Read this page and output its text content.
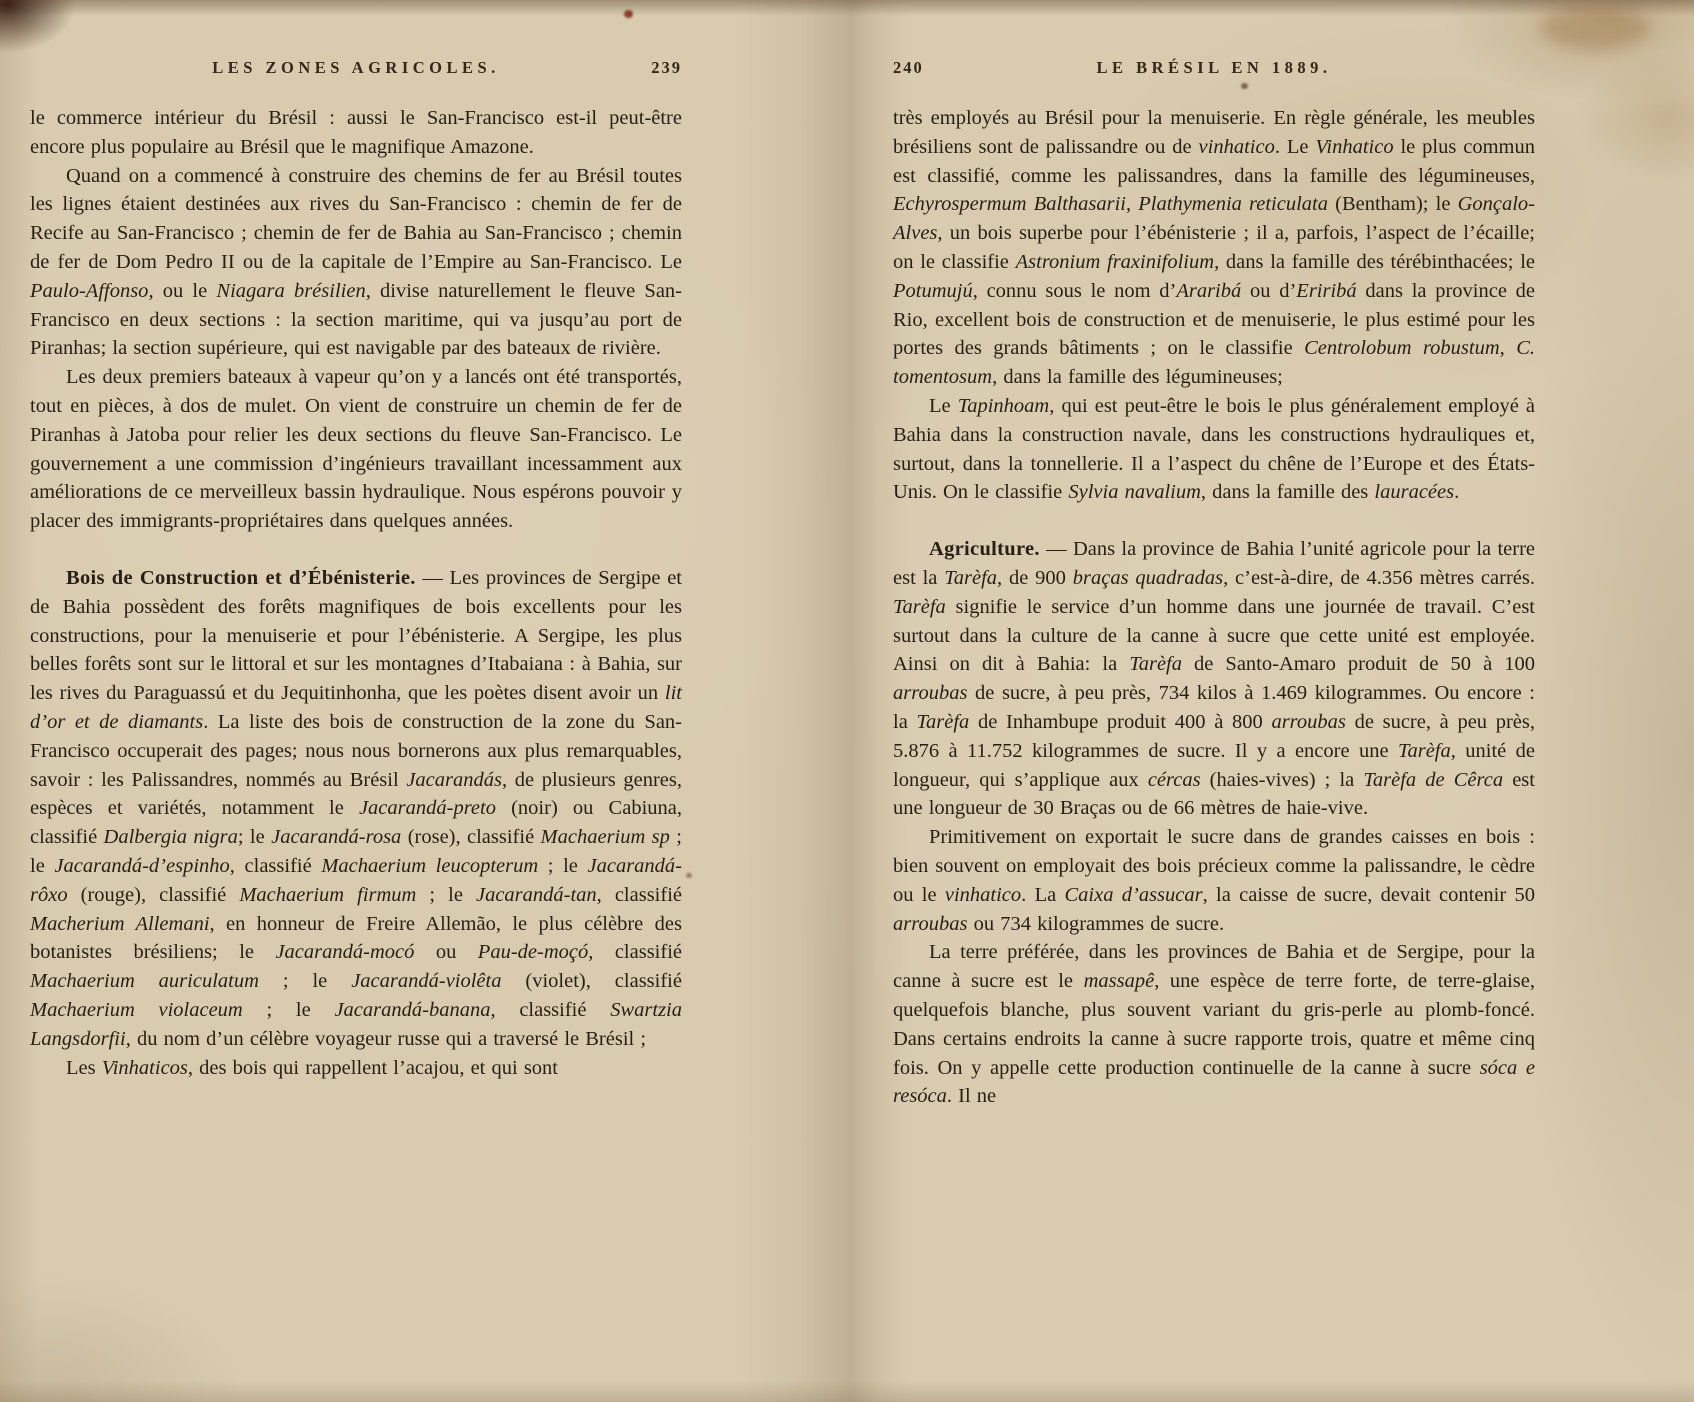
LES ZONES AGRICOLES.	239

le commerce intérieur du Brésil : aussi le San-Francisco est-il peut-être encore plus populaire au Brésil que le magnifique Amazone.

Quand on a commencé à construire des chemins de fer au Brésil toutes les lignes étaient destinées aux rives du San-Francisco : chemin de fer de Recife au San-Francisco ; chemin de fer de Bahia au San-Francisco ; chemin de fer de Dom Pedro II ou de la capitale de l’Empire au San-Francisco. Le Paulo-Affonso, ou le Niagara brésilien, divise naturellement le fleuve San-Francisco en deux sections : la section maritime, qui va jusqu’au port de Piranhas; la section supérieure, qui est navigable par des bateaux de rivière.

Les deux premiers bateaux à vapeur qu’on y a lancés ont été transportés, tout en pièces, à dos de mulet. On vient de construire un chemin de fer de Piranhas à Jatoba pour relier les deux sections du fleuve San-Francisco. Le gouvernement a une commission d’ingénieurs travaillant incessamment aux améliorations de ce merveilleux bassin hydraulique. Nous espérons pouvoir y placer des immigrants-propriétaires dans quelques années.

Bois de Construction et d’Ébénisterie. — Les provinces de Sergipe et de Bahia possèdent des forêts magnifiques de bois excellents pour les constructions, pour la menuiserie et pour l’ébénisterie. A Sergipe, les plus belles forêts sont sur le littoral et sur les montagnes d’Itabaiana : à Bahia, sur les rives du Paraguassú et du Jequitinhonha, que les poètes disent avoir un lit d’or et de diamants. La liste des bois de construction de la zone du San-Francisco occuperait des pages; nous nous bornerons aux plus remarquables, savoir : les Palissandres, nommés au Brésil Jacarandás, de plusieurs genres, espèces et variétés, notamment le Jacarandá-preto (noir) ou Cabiuna, classifié Dalbergia nigra; le Jacarandá-rosa (rose), classifié Machaerium sp ; le Jacarandá-d’espinho, classifié Machaerium leucopterum ; le Jacarandá-rôxo (rouge), classifié Machaerium firmum ; le Jacarandá-tan, classifié Macherium Allemani, en honneur de Freire Allemão, le plus célèbre des botanistes brésiliens; le Jacarandá-mocó ou Pau-de-moçó, classifié Machaerium auriculatum ; le Jacarandá-violêta (violet), classifié Machaerium violaceum ; le Jacarandá-banana, classifié Swartzia Langsdorfii, du nom d’un célèbre voyageur russe qui a traversé le Brésil ;

Les Vinhaticos, des bois qui rappellent l’acajou, et qui sont

LE BRÉSIL EN 1889.
240

très employés au Brésil pour la menuiserie. En règle générale, les meubles brésiliens sont de palissandre ou de vinhatico. Le Vinhatico le plus commun est classifié, comme les palissandres, dans la famille des légumineuses, Echyrospermum Balthasarii, Plathymenia reticulata (Bentham); le Gonçalo-Alves, un bois superbe pour l’ébénisterie ; il a, parfois, l’aspect de l’écaille; on le classifie Astronium fraxinifolium, dans la famille des térébinthacées; le Potumujú, connu sous le nom d’Araribá ou d’Eriribá dans la province de Rio, excellent bois de construction et de menuiserie, le plus estimé pour les portes des grands bâtiments ; on le classifie Centrolobum robustum, C. tomentosum, dans la famille des légumineuses;

Le Tapinhoam, qui est peut-être le bois le plus généralement employé à Bahia dans la construction navale, dans les constructions hydrauliques et, surtout, dans la tonnellerie. Il a l’aspect du chêne de l’Europe et des États-Unis. On le classifie Sylvia navalium, dans la famille des lauracées.

Agriculture. — Dans la province de Bahia l’unité agricole pour la terre est la Tarèfa, de 900 braças quadradas, c’est-à-dire, de 4.356 mètres carrés. Tarèfa signifie le service d’un homme dans une journée de travail. C’est surtout dans la culture de la canne à sucre que cette unité est employée. Ainsi on dit à Bahia: la Tarèfa de Santo-Amaro produit de 50 à 100 arroubas de sucre, à peu près, 734 kilos à 1.469 kilogrammes. Ou encore : la Tarèfa de Inhambupe produit 400 à 800 arroubas de sucre, à peu près, 5.876 à 11.752 kilogrammes de sucre. Il y a encore une Tarèfa, unité de longueur, qui s’applique aux cércas (haies-vives) ; la Tarèfa de Cêrca est une longueur de 30 Braças ou de 66 mètres de haie-vive.

Primitivement on exportait le sucre dans de grandes caisses en bois : bien souvent on employait des bois précieux comme la palissandre, le cèdre ou le vinhatico. La Caixa d’assucar, la caisse de sucre, devait contenir 50 arroubas ou 734 kilogrammes de sucre.

La terre préférée, dans les provinces de Bahia et de Sergipe, pour la canne à sucre est le massapê, une espèce de terre forte, de terre-glaise, quelquefois blanche, plus souvent variant du gris-perle au plomb-foncé. Dans certains endroits la canne à sucre rapporte trois, quatre et même cinq fois. On y appelle cette production continuelle de la canne à sucre sóca e resóca. Il ne
